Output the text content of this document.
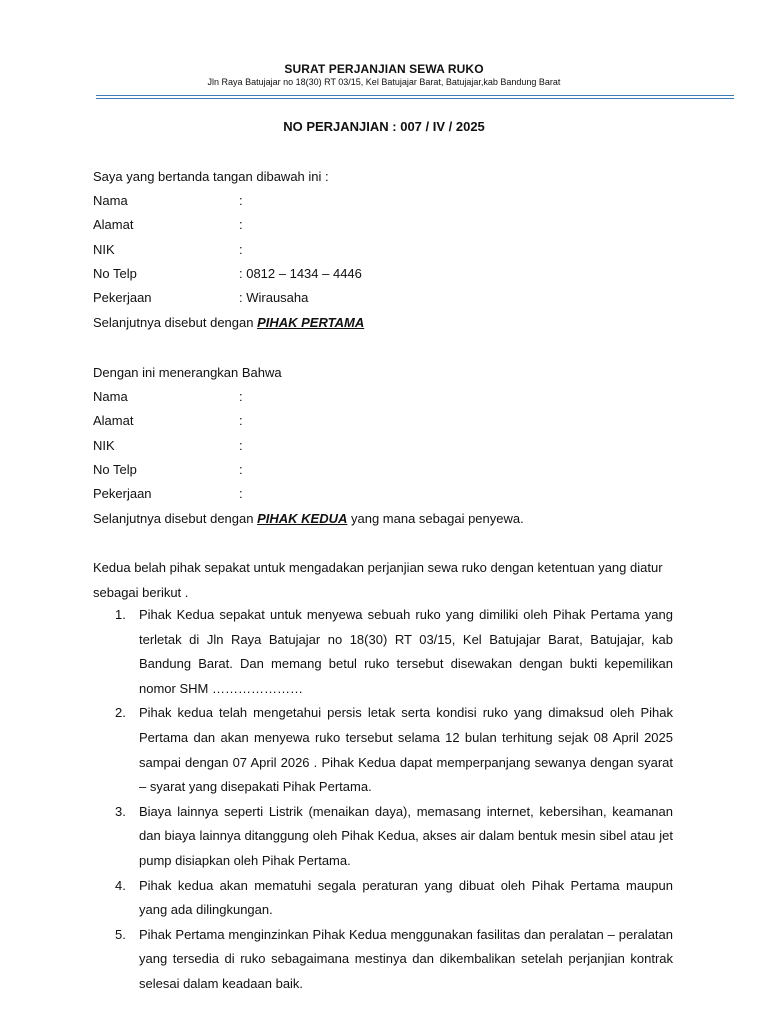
SURAT PERJANJIAN SEWA RUKO
Jln Raya Batujajar no 18(30) RT 03/15, Kel Batujajar Barat, Batujajar,kab Bandung Barat
NO PERJANJIAN : 007 / IV / 2025
Saya yang bertanda tangan dibawah ini :
Nama	:
Alamat	:
NIK	:
No Telp	: 0812 – 1434 – 4446
Pekerjaan	: Wirausaha
Selanjutnya disebut dengan PIHAK PERTAMA
Dengan ini menerangkan Bahwa
Nama	:
Alamat	:
NIK	:
No Telp	:
Pekerjaan	:
Selanjutnya disebut dengan PIHAK KEDUA yang mana sebagai penyewa.
Kedua belah pihak sepakat untuk mengadakan perjanjian sewa ruko dengan ketentuan yang diatur sebagai berikut .
1. Pihak Kedua sepakat untuk menyewa sebuah ruko yang dimiliki oleh Pihak Pertama yang terletak di Jln Raya Batujajar no 18(30) RT 03/15, Kel Batujajar Barat, Batujajar, kab Bandung Barat. Dan memang betul ruko tersebut disewakan dengan bukti kepemilikan nomor SHM …………………
2. Pihak kedua telah mengetahui persis letak serta kondisi ruko yang dimaksud oleh Pihak Pertama dan akan menyewa ruko tersebut selama 12 bulan terhitung sejak 08 April 2025 sampai dengan 07 April 2026 . Pihak Kedua dapat memperpanjang sewanya dengan syarat – syarat yang disepakati Pihak Pertama.
3. Biaya lainnya seperti Listrik (menaikan daya), memasang internet, kebersihan, keamanan dan biaya lainnya ditanggung oleh Pihak Kedua, akses air dalam bentuk mesin sibel atau jet pump disiapkan oleh Pihak Pertama.
4. Pihak kedua akan mematuhi segala peraturan yang dibuat oleh Pihak Pertama maupun yang ada dilingkungan.
5. Pihak Pertama menginzinkan Pihak Kedua menggunakan fasilitas dan peralatan – peralatan yang tersedia di ruko sebagaimana mestinya dan dikembalikan setelah perjanjian kontrak selesai dalam keadaan baik.
